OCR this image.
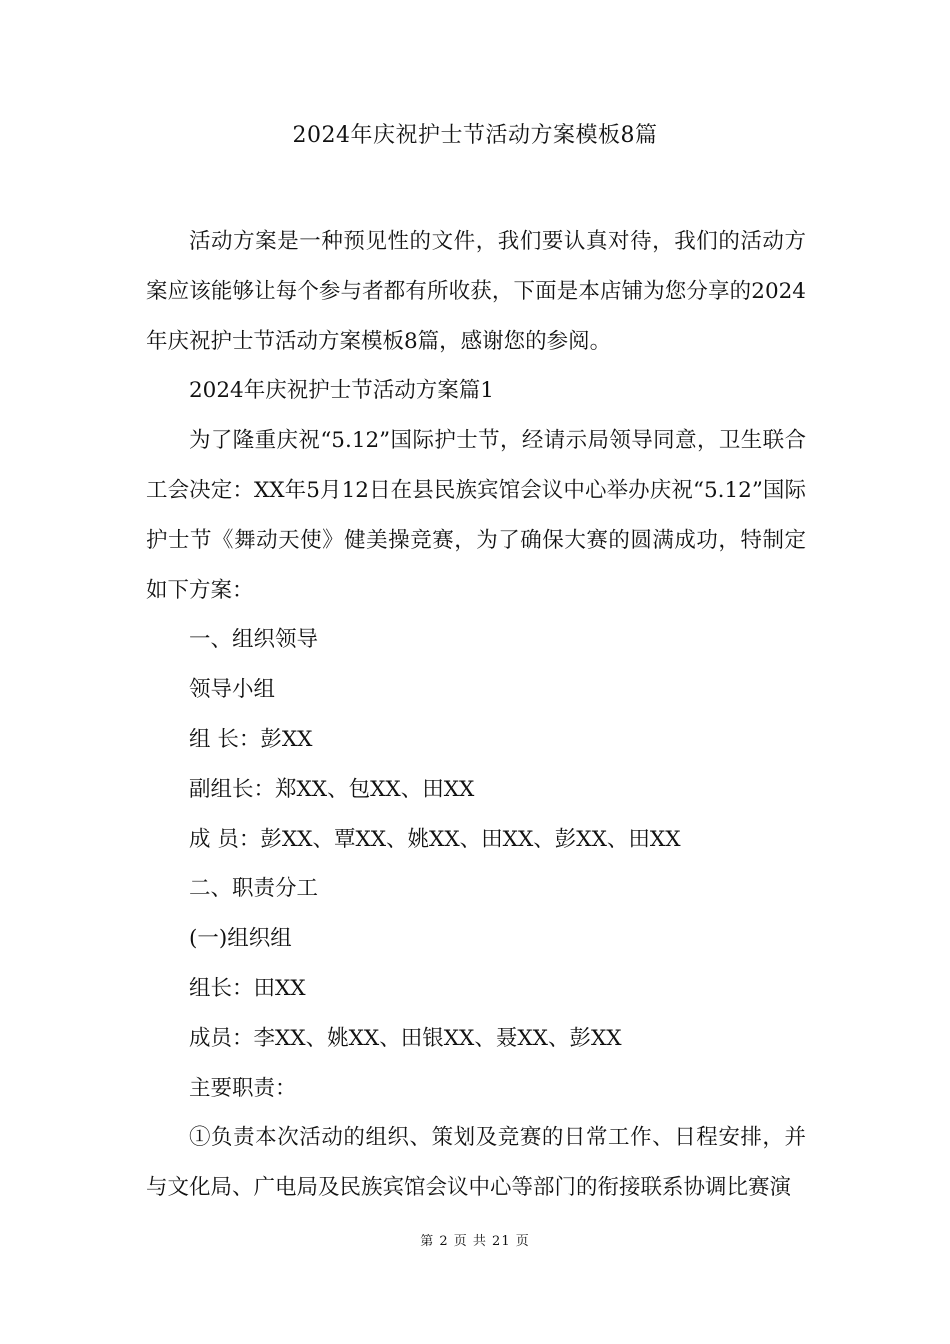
2024年庆祝护士节活动方案模板8篇

活动方案是一种预见性的文件，我们要认真对待，我们的活动方案应该能够让每个参与者都有所收获，下面是本店铺为您分享的2024年庆祝护士节活动方案模板8篇，感谢您的参阅。

2024年庆祝护士节活动方案篇1

为了隆重庆祝“5.12”国际护士节，经请示局领导同意，卫生联合工会决定：XX年5月12日在县民族宾馆会议中心举办庆祝“5.12”国际护士节《舞动天使》健美操竞赛，为了确保大赛的圆满成功，特制定如下方案：

一、组织领导

领导小组

组 长：彭XX

副组长：郑XX、包XX、田XX

成 员：彭XX、覃XX、姚XX、田XX、彭XX、田XX

二、职责分工

(一)组织组

组长：田XX

成员：李XX、姚XX、田银XX、聂XX、彭XX

主要职责：

①负责本次活动的组织、策划及竞赛的日常工作、日程安排，并与文化局、广电局及民族宾馆会议中心等部门的衔接联系协调比赛演

第 2 页 共 21 页
